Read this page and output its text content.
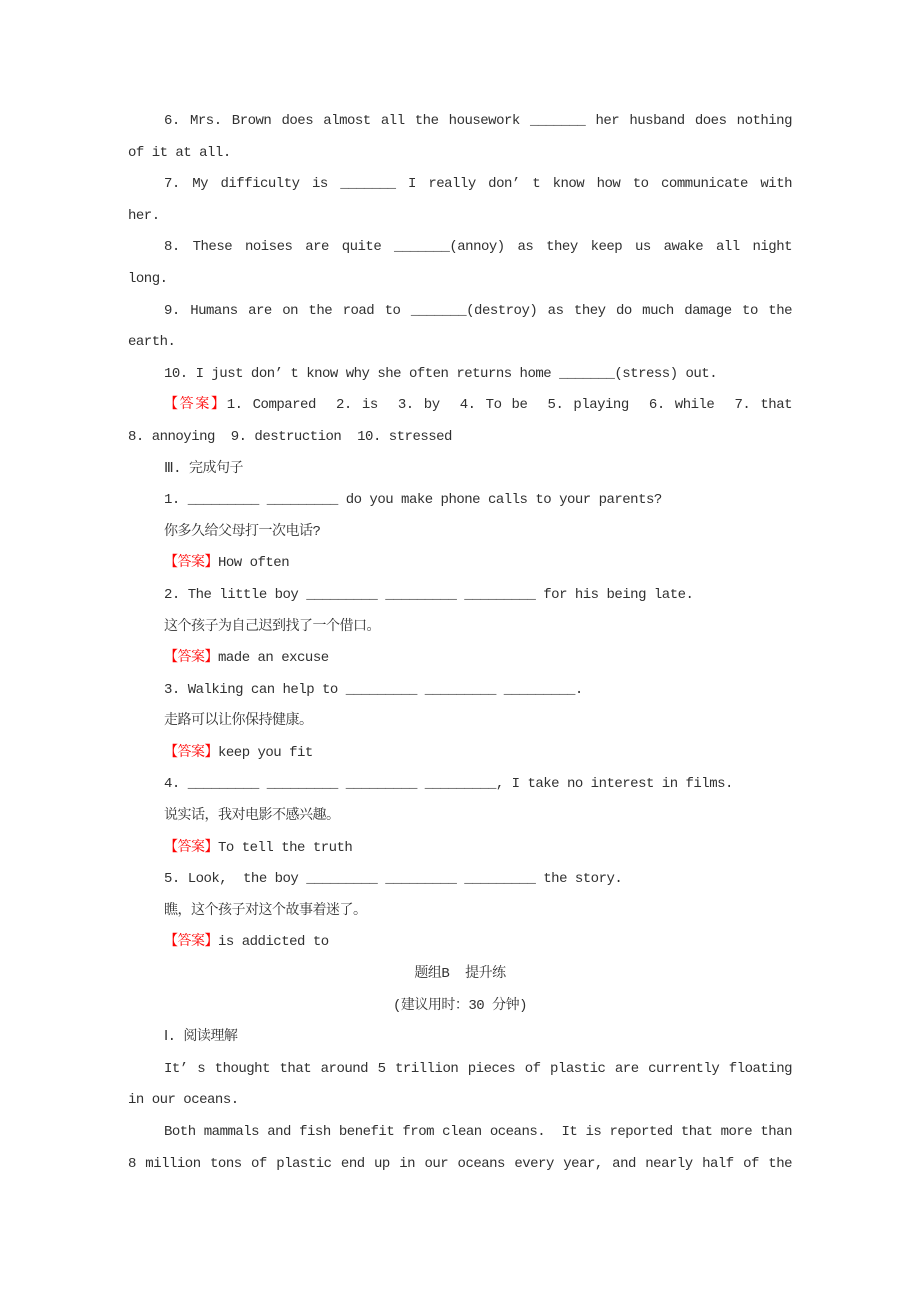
6. Mrs. Brown does almost all the housework _______ her husband does nothing
of it at all.
7. My difficulty is _______ I really don’ t know how to communicate with
her.
8. These noises are quite _______(annoy) as they keep us awake all night
long.
9. Humans are on the road to _______(destroy) as they do much damage to the
earth.
10. I just don’ t know why she often returns home _______(stress) out.
【答案】1. Compared  2. is  3. by  4. To be  5. playing  6. while  7. that
8. annoying  9. destruction  10. stressed
Ⅲ. 完成句子
1. _________ _________ do you make phone calls to your parents?
你多久给父母打一次电话?
【答案】How often
2. The little boy _________ _________ _________ for his being late.
这个孩子为自己迟到找了一个借口。
【答案】made an excuse
3. Walking can help to _________ _________ _________.
走路可以让你保持健康。
【答案】keep you fit
4. _________ _________ _________ _________, I take no interest in films.
说实话，我对电影不感兴趣。
【答案】To tell the truth
5. Look,  the boy _________ _________ _________ the story.
瞧，这个孩子对这个故事着迷了。
【答案】is addicted to
题组B  提升练
(建议用时：30 分钟)
Ⅰ. 阅读理解
It’ s thought that around 5 trillion pieces of plastic are currently floating
in our oceans.
Both mammals and fish benefit from clean oceans.  It is reported that more than
8 million tons of plastic end up in our oceans every year, and nearly half of the
